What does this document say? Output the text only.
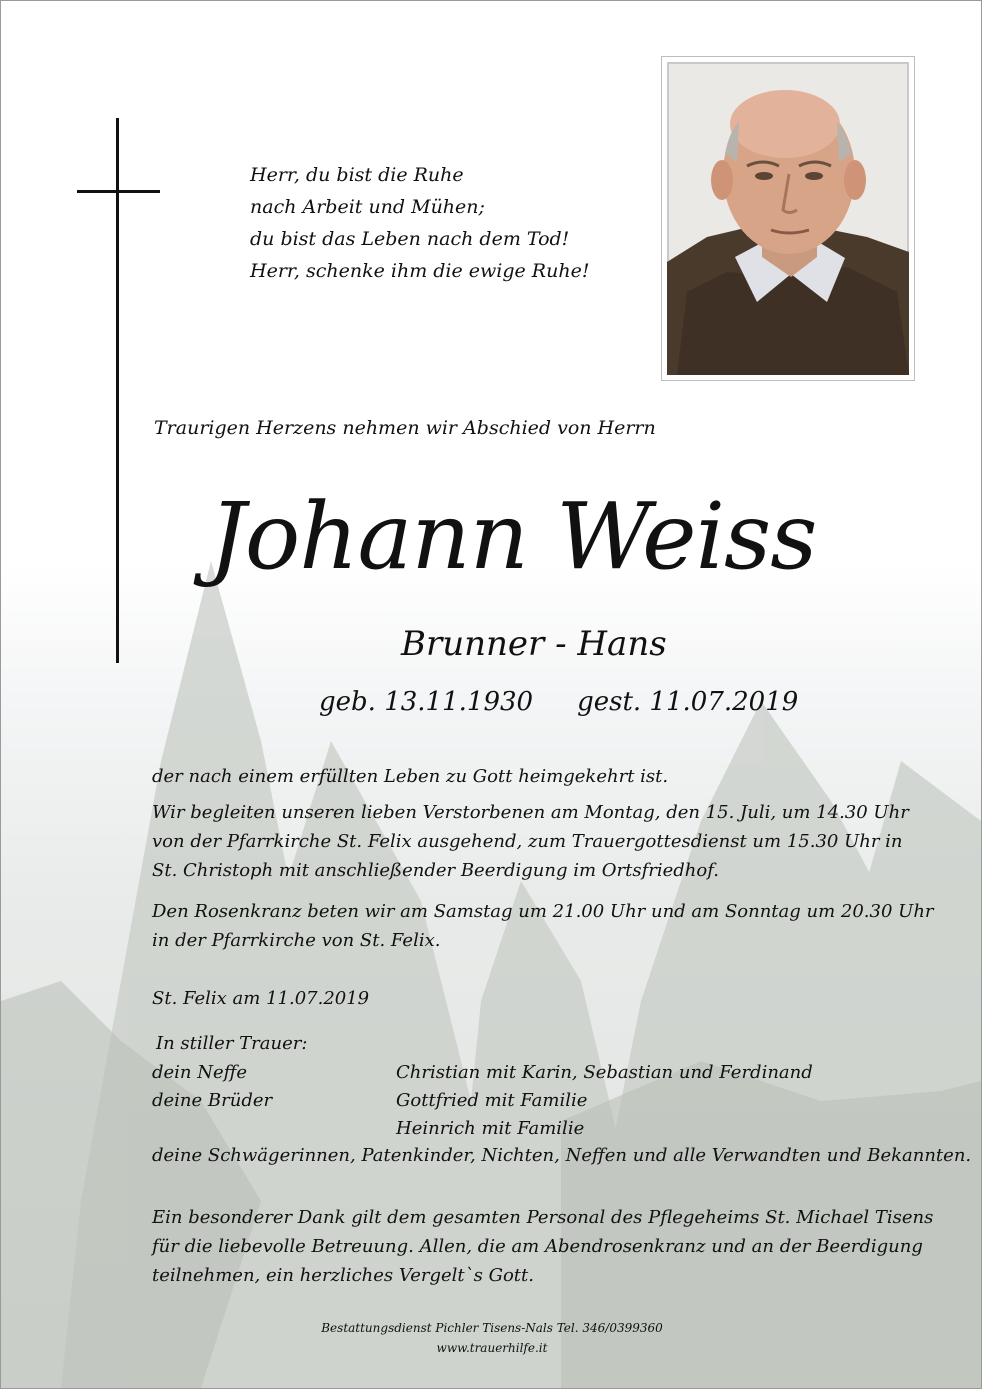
Herr, du bist die Ruhe
nach Arbeit und Mühen;
du bist das Leben nach dem Tod!
Herr, schenke ihm die ewige Ruhe!
Traurigen Herzens nehmen wir Abschied von Herrn
Johann Weiss
Brunner - Hans
geb. 13.11.1930 gest. 11.07.2019
der nach einem erfüllten Leben zu Gott heimgekehrt ist.
Wir begleiten unseren lieben Verstorbenen am Montag, den 15. Juli, um 14.30 Uhr
von der Pfarrkirche St. Felix ausgehend, zum Trauergottesdienst um 15.30 Uhr in
St. Christoph mit anschließender Beerdigung im Ortsfriedhof.
Den Rosenkranz beten wir am Samstag um 21.00 Uhr und am Sonntag um 20.30 Uhr
in der Pfarrkirche von St. Felix.
St. Felix am 11.07.2019
In stiller Trauer:
dein Neffe
deine Brüder

Christian mit Karin, Sebastian und Ferdinand
Gottfried mit Familie
Heinrich mit Familie
deine Schwägerinnen, Patenkinder, Nichten, Neffen und alle Verwandten und Bekannten.
Ein besonderer Dank gilt dem gesamten Personal des Pflegeheims St. Michael Tisens
für die liebevolle Betreuung. Allen, die am Abendrosenkranz und an der Beerdigung
teilnehmen, ein herzliches Vergelt`s Gott.
Bestattungsdienst Pichler Tisens-Nals Tel. 346/0399360
www.trauerhilfe.it
